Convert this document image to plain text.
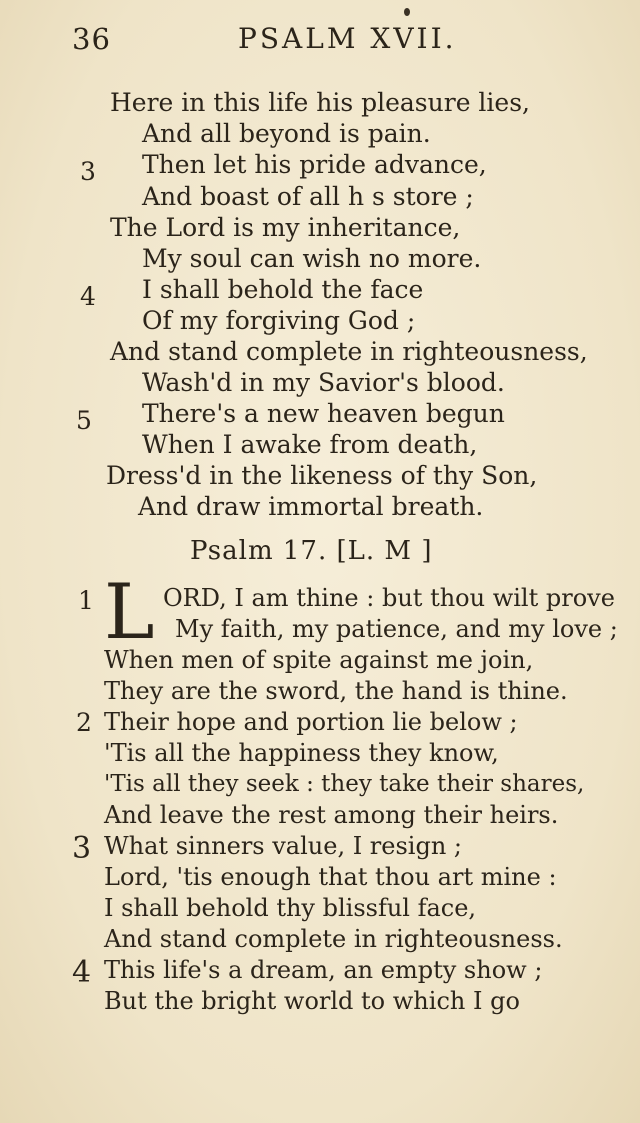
36	PSALM XVII.
Here in this life his pleasure lies,
And all beyond is pain.
3 Then let his pride advance,
And boast of all h s store ;
The Lord is my inheritance,
My soul can wish no more.
4 I shall behold the face
Of my forgiving God ;
And stand complete in righteousness,
Wash'd in my Savior's blood.
5 There's a new heaven begun
When I awake from death,
Dress'd in the likeness of thy Son,
And draw immortal breath.
Psalm 17. [L. M ]
L
1	ORD, I am thine : but thou wilt prove
My faith, my patience, and my love ;
When men of spite against me join,
They are the sword, the hand is thine.
2 Their hope and portion lie below ;
'Tis all the happiness they know,
'Tis all they seek : they take their shares,
And leave the rest among their heirs.
3 What sinners value, I resign ;
Lord, 'tis enough that thou art mine :
I shall behold thy blissful face,
And stand complete in righteousness.
4 This life's a dream, an empty show ;
But the bright world to which I go
